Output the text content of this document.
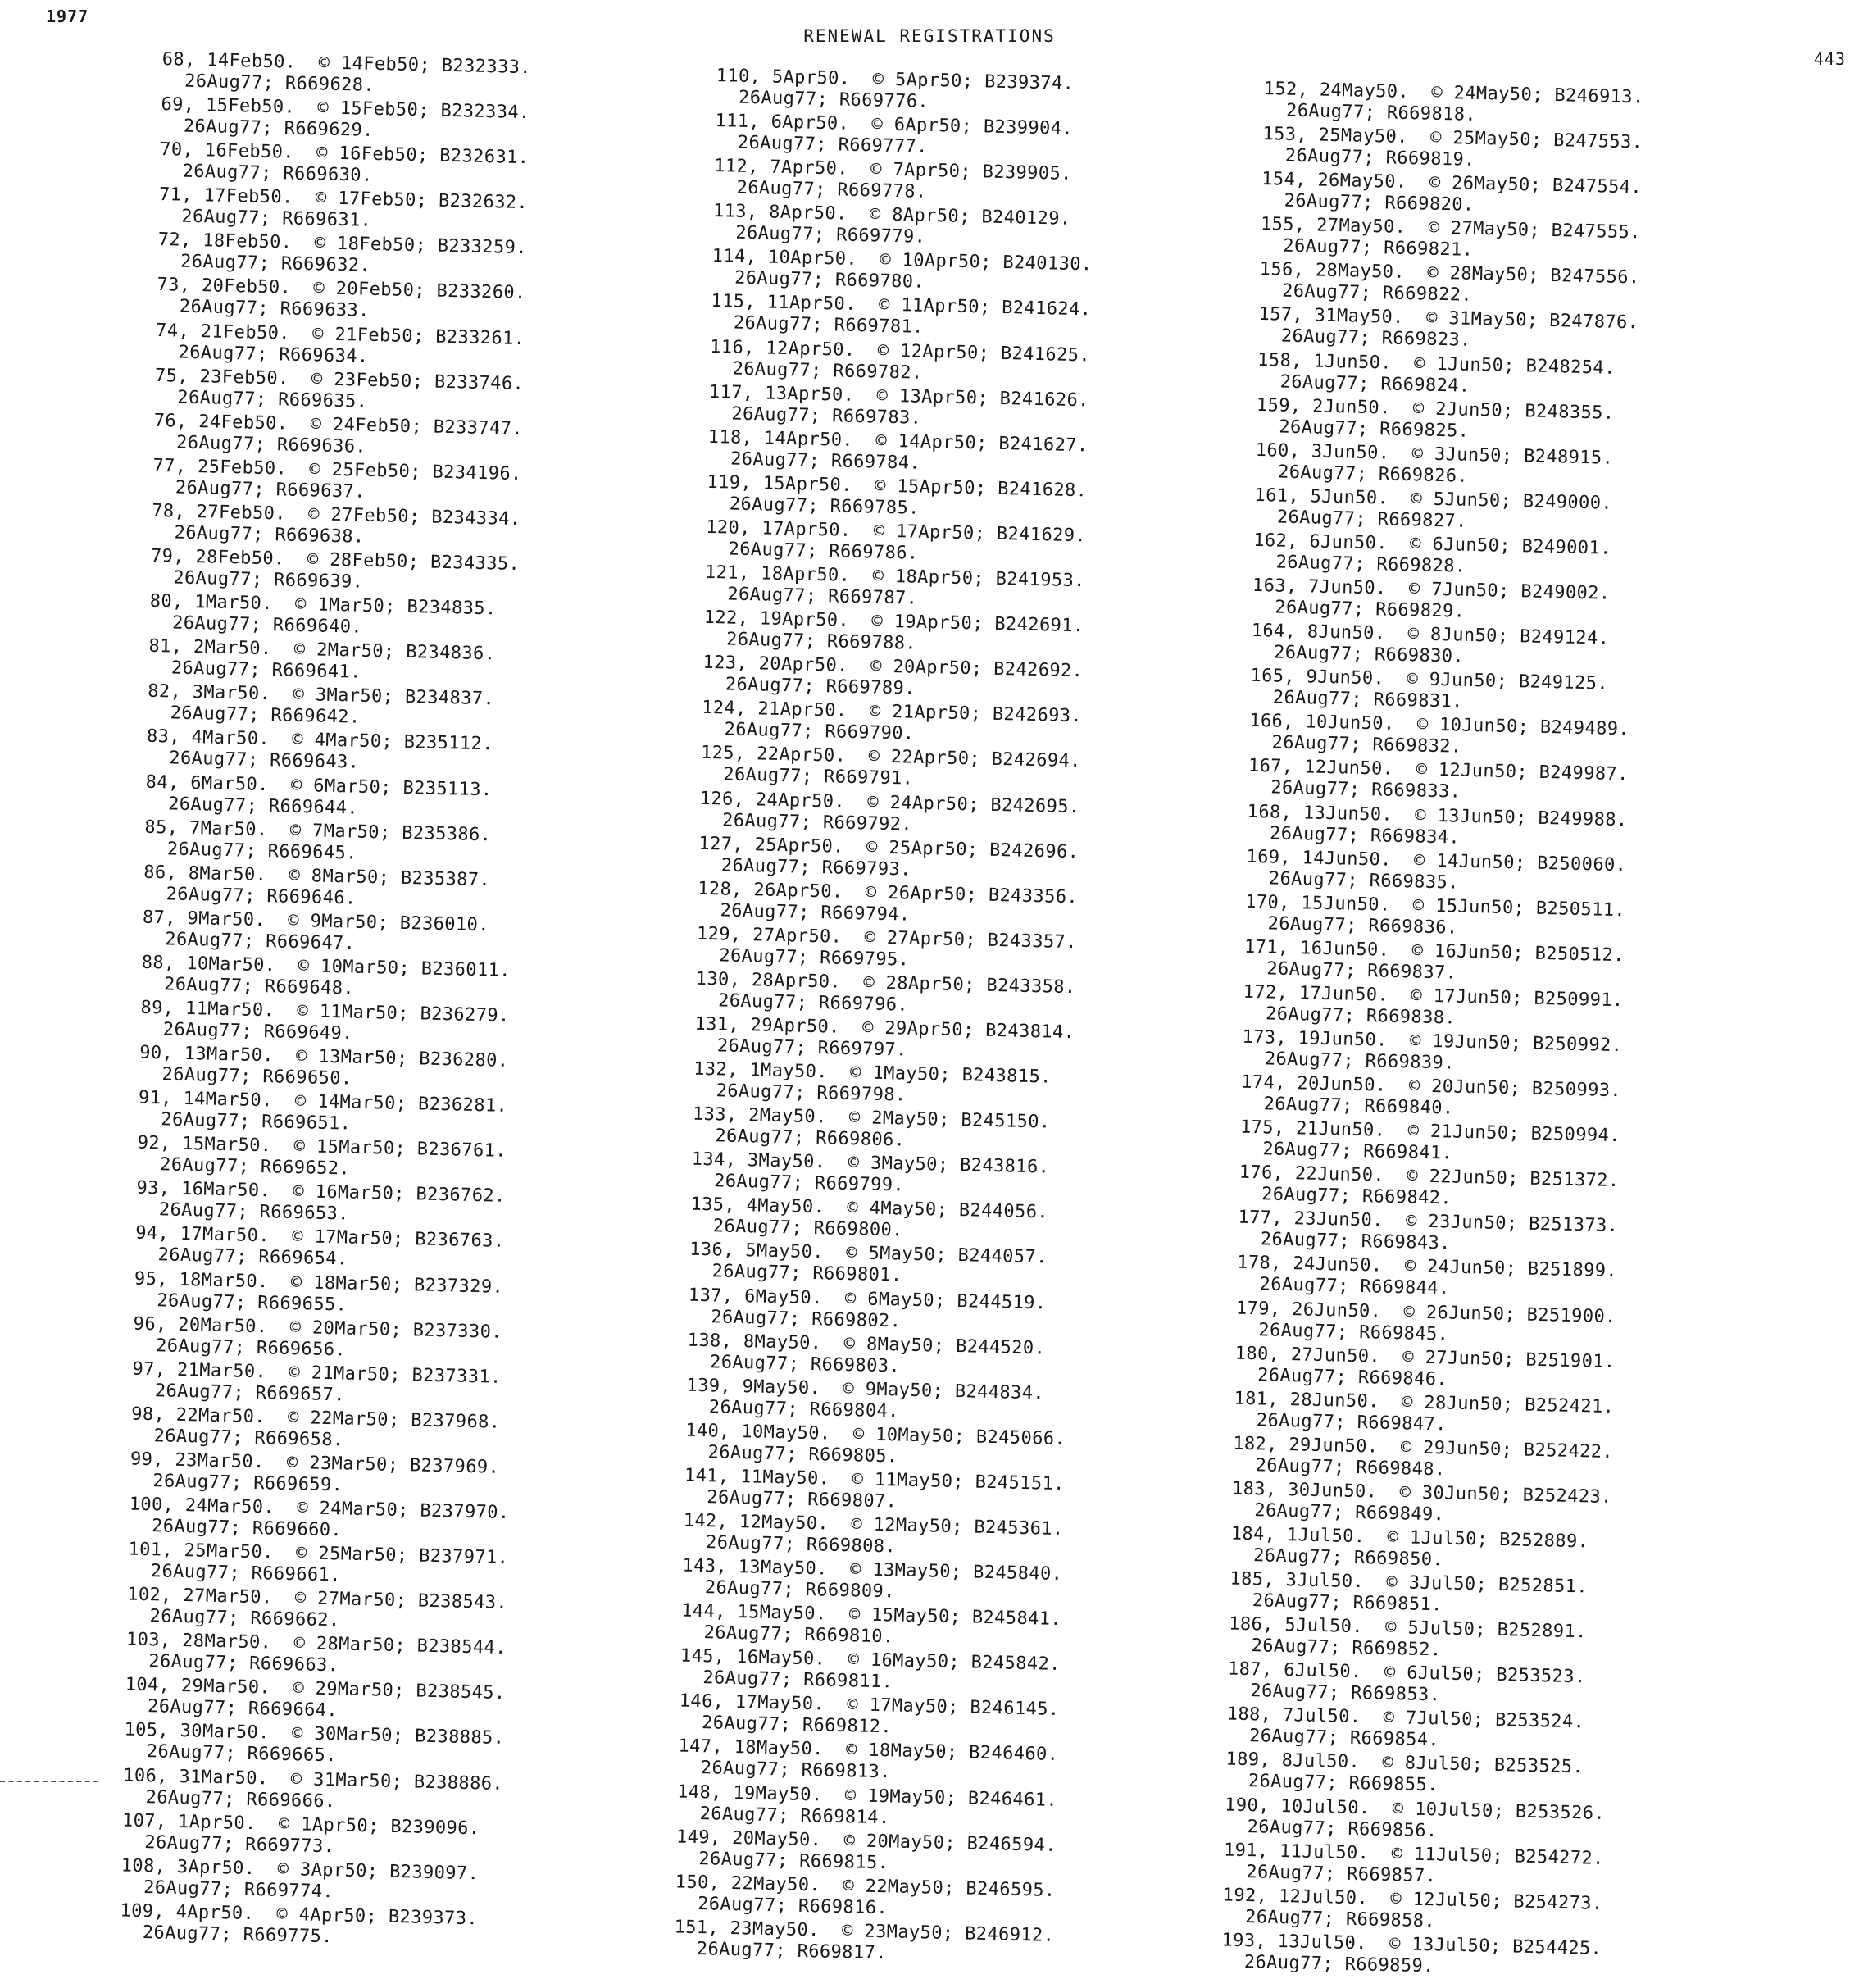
1977
RENEWAL REGISTRATIONS
443
68, 14Feb50.  © 14Feb50; B232333.
26Aug77; R669628.
69, 15Feb50.  © 15Feb50; B232334.
26Aug77; R669629.
70, 16Feb50.  © 16Feb50; B232631.
26Aug77; R669630.
71, 17Feb50.  © 17Feb50; B232632.
26Aug77; R669631.
72, 18Feb50.  © 18Feb50; B233259.
26Aug77; R669632.
73, 20Feb50.  © 20Feb50; B233260.
26Aug77; R669633.
74, 21Feb50.  © 21Feb50; B233261.
26Aug77; R669634.
75, 23Feb50.  © 23Feb50; B233746.
26Aug77; R669635.
76, 24Feb50.  © 24Feb50; B233747.
26Aug77; R669636.
77, 25Feb50.  © 25Feb50; B234196.
26Aug77; R669637.
78, 27Feb50.  © 27Feb50; B234334.
26Aug77; R669638.
79, 28Feb50.  © 28Feb50; B234335.
26Aug77; R669639.
80, 1Mar50.  © 1Mar50; B234835.
26Aug77; R669640.
81, 2Mar50.  © 2Mar50; B234836.
26Aug77; R669641.
82, 3Mar50.  © 3Mar50; B234837.
26Aug77; R669642.
83, 4Mar50.  © 4Mar50; B235112.
26Aug77; R669643.
84, 6Mar50.  © 6Mar50; B235113.
26Aug77; R669644.
85, 7Mar50.  © 7Mar50; B235386.
26Aug77; R669645.
86, 8Mar50.  © 8Mar50; B235387.
26Aug77; R669646.
87, 9Mar50.  © 9Mar50; B236010.
26Aug77; R669647.
88, 10Mar50.  © 10Mar50; B236011.
26Aug77; R669648.
89, 11Mar50.  © 11Mar50; B236279.
26Aug77; R669649.
90, 13Mar50.  © 13Mar50; B236280.
26Aug77; R669650.
91, 14Mar50.  © 14Mar50; B236281.
26Aug77; R669651.
92, 15Mar50.  © 15Mar50; B236761.
26Aug77; R669652.
93, 16Mar50.  © 16Mar50; B236762.
26Aug77; R669653.
94, 17Mar50.  © 17Mar50; B236763.
26Aug77; R669654.
95, 18Mar50.  © 18Mar50; B237329.
26Aug77; R669655.
96, 20Mar50.  © 20Mar50; B237330.
26Aug77; R669656.
97, 21Mar50.  © 21Mar50; B237331.
26Aug77; R669657.
98, 22Mar50.  © 22Mar50; B237968.
26Aug77; R669658.
99, 23Mar50.  © 23Mar50; B237969.
26Aug77; R669659.
100, 24Mar50.  © 24Mar50; B237970.
26Aug77; R669660.
101, 25Mar50.  © 25Mar50; B237971.
26Aug77; R669661.
102, 27Mar50.  © 27Mar50; B238543.
26Aug77; R669662.
103, 28Mar50.  © 28Mar50; B238544.
26Aug77; R669663.
104, 29Mar50.  © 29Mar50; B238545.
26Aug77; R669664.
105, 30Mar50.  © 30Mar50; B238885.
26Aug77; R669665.
106, 31Mar50.  © 31Mar50; B238886.
26Aug77; R669666.
107, 1Apr50.  © 1Apr50; B239096.
26Aug77; R669773.
108, 3Apr50.  © 3Apr50; B239097.
26Aug77; R669774.
109, 4Apr50.  © 4Apr50; B239373.
26Aug77; R669775.
110, 5Apr50.  © 5Apr50; B239374.
26Aug77; R669776.
111, 6Apr50.  © 6Apr50; B239904.
26Aug77; R669777.
112, 7Apr50.  © 7Apr50; B239905.
26Aug77; R669778.
113, 8Apr50.  © 8Apr50; B240129.
26Aug77; R669779.
114, 10Apr50.  © 10Apr50; B240130.
26Aug77; R669780.
115, 11Apr50.  © 11Apr50; B241624.
26Aug77; R669781.
116, 12Apr50.  © 12Apr50; B241625.
26Aug77; R669782.
117, 13Apr50.  © 13Apr50; B241626.
26Aug77; R669783.
118, 14Apr50.  © 14Apr50; B241627.
26Aug77; R669784.
119, 15Apr50.  © 15Apr50; B241628.
26Aug77; R669785.
120, 17Apr50.  © 17Apr50; B241629.
26Aug77; R669786.
121, 18Apr50.  © 18Apr50; B241953.
26Aug77; R669787.
122, 19Apr50.  © 19Apr50; B242691.
26Aug77; R669788.
123, 20Apr50.  © 20Apr50; B242692.
26Aug77; R669789.
124, 21Apr50.  © 21Apr50; B242693.
26Aug77; R669790.
125, 22Apr50.  © 22Apr50; B242694.
26Aug77; R669791.
126, 24Apr50.  © 24Apr50; B242695.
26Aug77; R669792.
127, 25Apr50.  © 25Apr50; B242696.
26Aug77; R669793.
128, 26Apr50.  © 26Apr50; B243356.
26Aug77; R669794.
129, 27Apr50.  © 27Apr50; B243357.
26Aug77; R669795.
130, 28Apr50.  © 28Apr50; B243358.
26Aug77; R669796.
131, 29Apr50.  © 29Apr50; B243814.
26Aug77; R669797.
132, 1May50.  © 1May50; B243815.
26Aug77; R669798.
133, 2May50.  © 2May50; B245150.
26Aug77; R669806.
134, 3May50.  © 3May50; B243816.
26Aug77; R669799.
135, 4May50.  © 4May50; B244056.
26Aug77; R669800.
136, 5May50.  © 5May50; B244057.
26Aug77; R669801.
137, 6May50.  © 6May50; B244519.
26Aug77; R669802.
138, 8May50.  © 8May50; B244520.
26Aug77; R669803.
139, 9May50.  © 9May50; B244834.
26Aug77; R669804.
140, 10May50.  © 10May50; B245066.
26Aug77; R669805.
141, 11May50.  © 11May50; B245151.
26Aug77; R669807.
142, 12May50.  © 12May50; B245361.
26Aug77; R669808.
143, 13May50.  © 13May50; B245840.
26Aug77; R669809.
144, 15May50.  © 15May50; B245841.
26Aug77; R669810.
145, 16May50.  © 16May50; B245842.
26Aug77; R669811.
146, 17May50.  © 17May50; B246145.
26Aug77; R669812.
147, 18May50.  © 18May50; B246460.
26Aug77; R669813.
148, 19May50.  © 19May50; B246461.
26Aug77; R669814.
149, 20May50.  © 20May50; B246594.
26Aug77; R669815.
150, 22May50.  © 22May50; B246595.
26Aug77; R669816.
151, 23May50.  © 23May50; B246912.
26Aug77; R669817.
152, 24May50.  © 24May50; B246913.
26Aug77; R669818.
153, 25May50.  © 25May50; B247553.
26Aug77; R669819.
154, 26May50.  © 26May50; B247554.
26Aug77; R669820.
155, 27May50.  © 27May50; B247555.
26Aug77; R669821.
156, 28May50.  © 28May50; B247556.
26Aug77; R669822.
157, 31May50.  © 31May50; B247876.
26Aug77; R669823.
158, 1Jun50.  © 1Jun50; B248254.
26Aug77; R669824.
159, 2Jun50.  © 2Jun50; B248355.
26Aug77; R669825.
160, 3Jun50.  © 3Jun50; B248915.
26Aug77; R669826.
161, 5Jun50.  © 5Jun50; B249000.
26Aug77; R669827.
162, 6Jun50.  © 6Jun50; B249001.
26Aug77; R669828.
163, 7Jun50.  © 7Jun50; B249002.
26Aug77; R669829.
164, 8Jun50.  © 8Jun50; B249124.
26Aug77; R669830.
165, 9Jun50.  © 9Jun50; B249125.
26Aug77; R669831.
166, 10Jun50.  © 10Jun50; B249489.
26Aug77; R669832.
167, 12Jun50.  © 12Jun50; B249987.
26Aug77; R669833.
168, 13Jun50.  © 13Jun50; B249988.
26Aug77; R669834.
169, 14Jun50.  © 14Jun50; B250060.
26Aug77; R669835.
170, 15Jun50.  © 15Jun50; B250511.
26Aug77; R669836.
171, 16Jun50.  © 16Jun50; B250512.
26Aug77; R669837.
172, 17Jun50.  © 17Jun50; B250991.
26Aug77; R669838.
173, 19Jun50.  © 19Jun50; B250992.
26Aug77; R669839.
174, 20Jun50.  © 20Jun50; B250993.
26Aug77; R669840.
175, 21Jun50.  © 21Jun50; B250994.
26Aug77; R669841.
176, 22Jun50.  © 22Jun50; B251372.
26Aug77; R669842.
177, 23Jun50.  © 23Jun50; B251373.
26Aug77; R669843.
178, 24Jun50.  © 24Jun50; B251899.
26Aug77; R669844.
179, 26Jun50.  © 26Jun50; B251900.
26Aug77; R669845.
180, 27Jun50.  © 27Jun50; B251901.
26Aug77; R669846.
181, 28Jun50.  © 28Jun50; B252421.
26Aug77; R669847.
182, 29Jun50.  © 29Jun50; B252422.
26Aug77; R669848.
183, 30Jun50.  © 30Jun50; B252423.
26Aug77; R669849.
184, 1Jul50.  © 1Jul50; B252889.
26Aug77; R669850.
185, 3Jul50.  © 3Jul50; B252851.
26Aug77; R669851.
186, 5Jul50.  © 5Jul50; B252891.
26Aug77; R669852.
187, 6Jul50.  © 6Jul50; B253523.
26Aug77; R669853.
188, 7Jul50.  © 7Jul50; B253524.
26Aug77; R669854.
189, 8Jul50.  © 8Jul50; B253525.
26Aug77; R669855.
190, 10Jul50.  © 10Jul50; B253526.
26Aug77; R669856.
191, 11Jul50.  © 11Jul50; B254272.
26Aug77; R669857.
192, 12Jul50.  © 12Jul50; B254273.
26Aug77; R669858.
193, 13Jul50.  © 13Jul50; B254425.
26Aug77; R669859.
